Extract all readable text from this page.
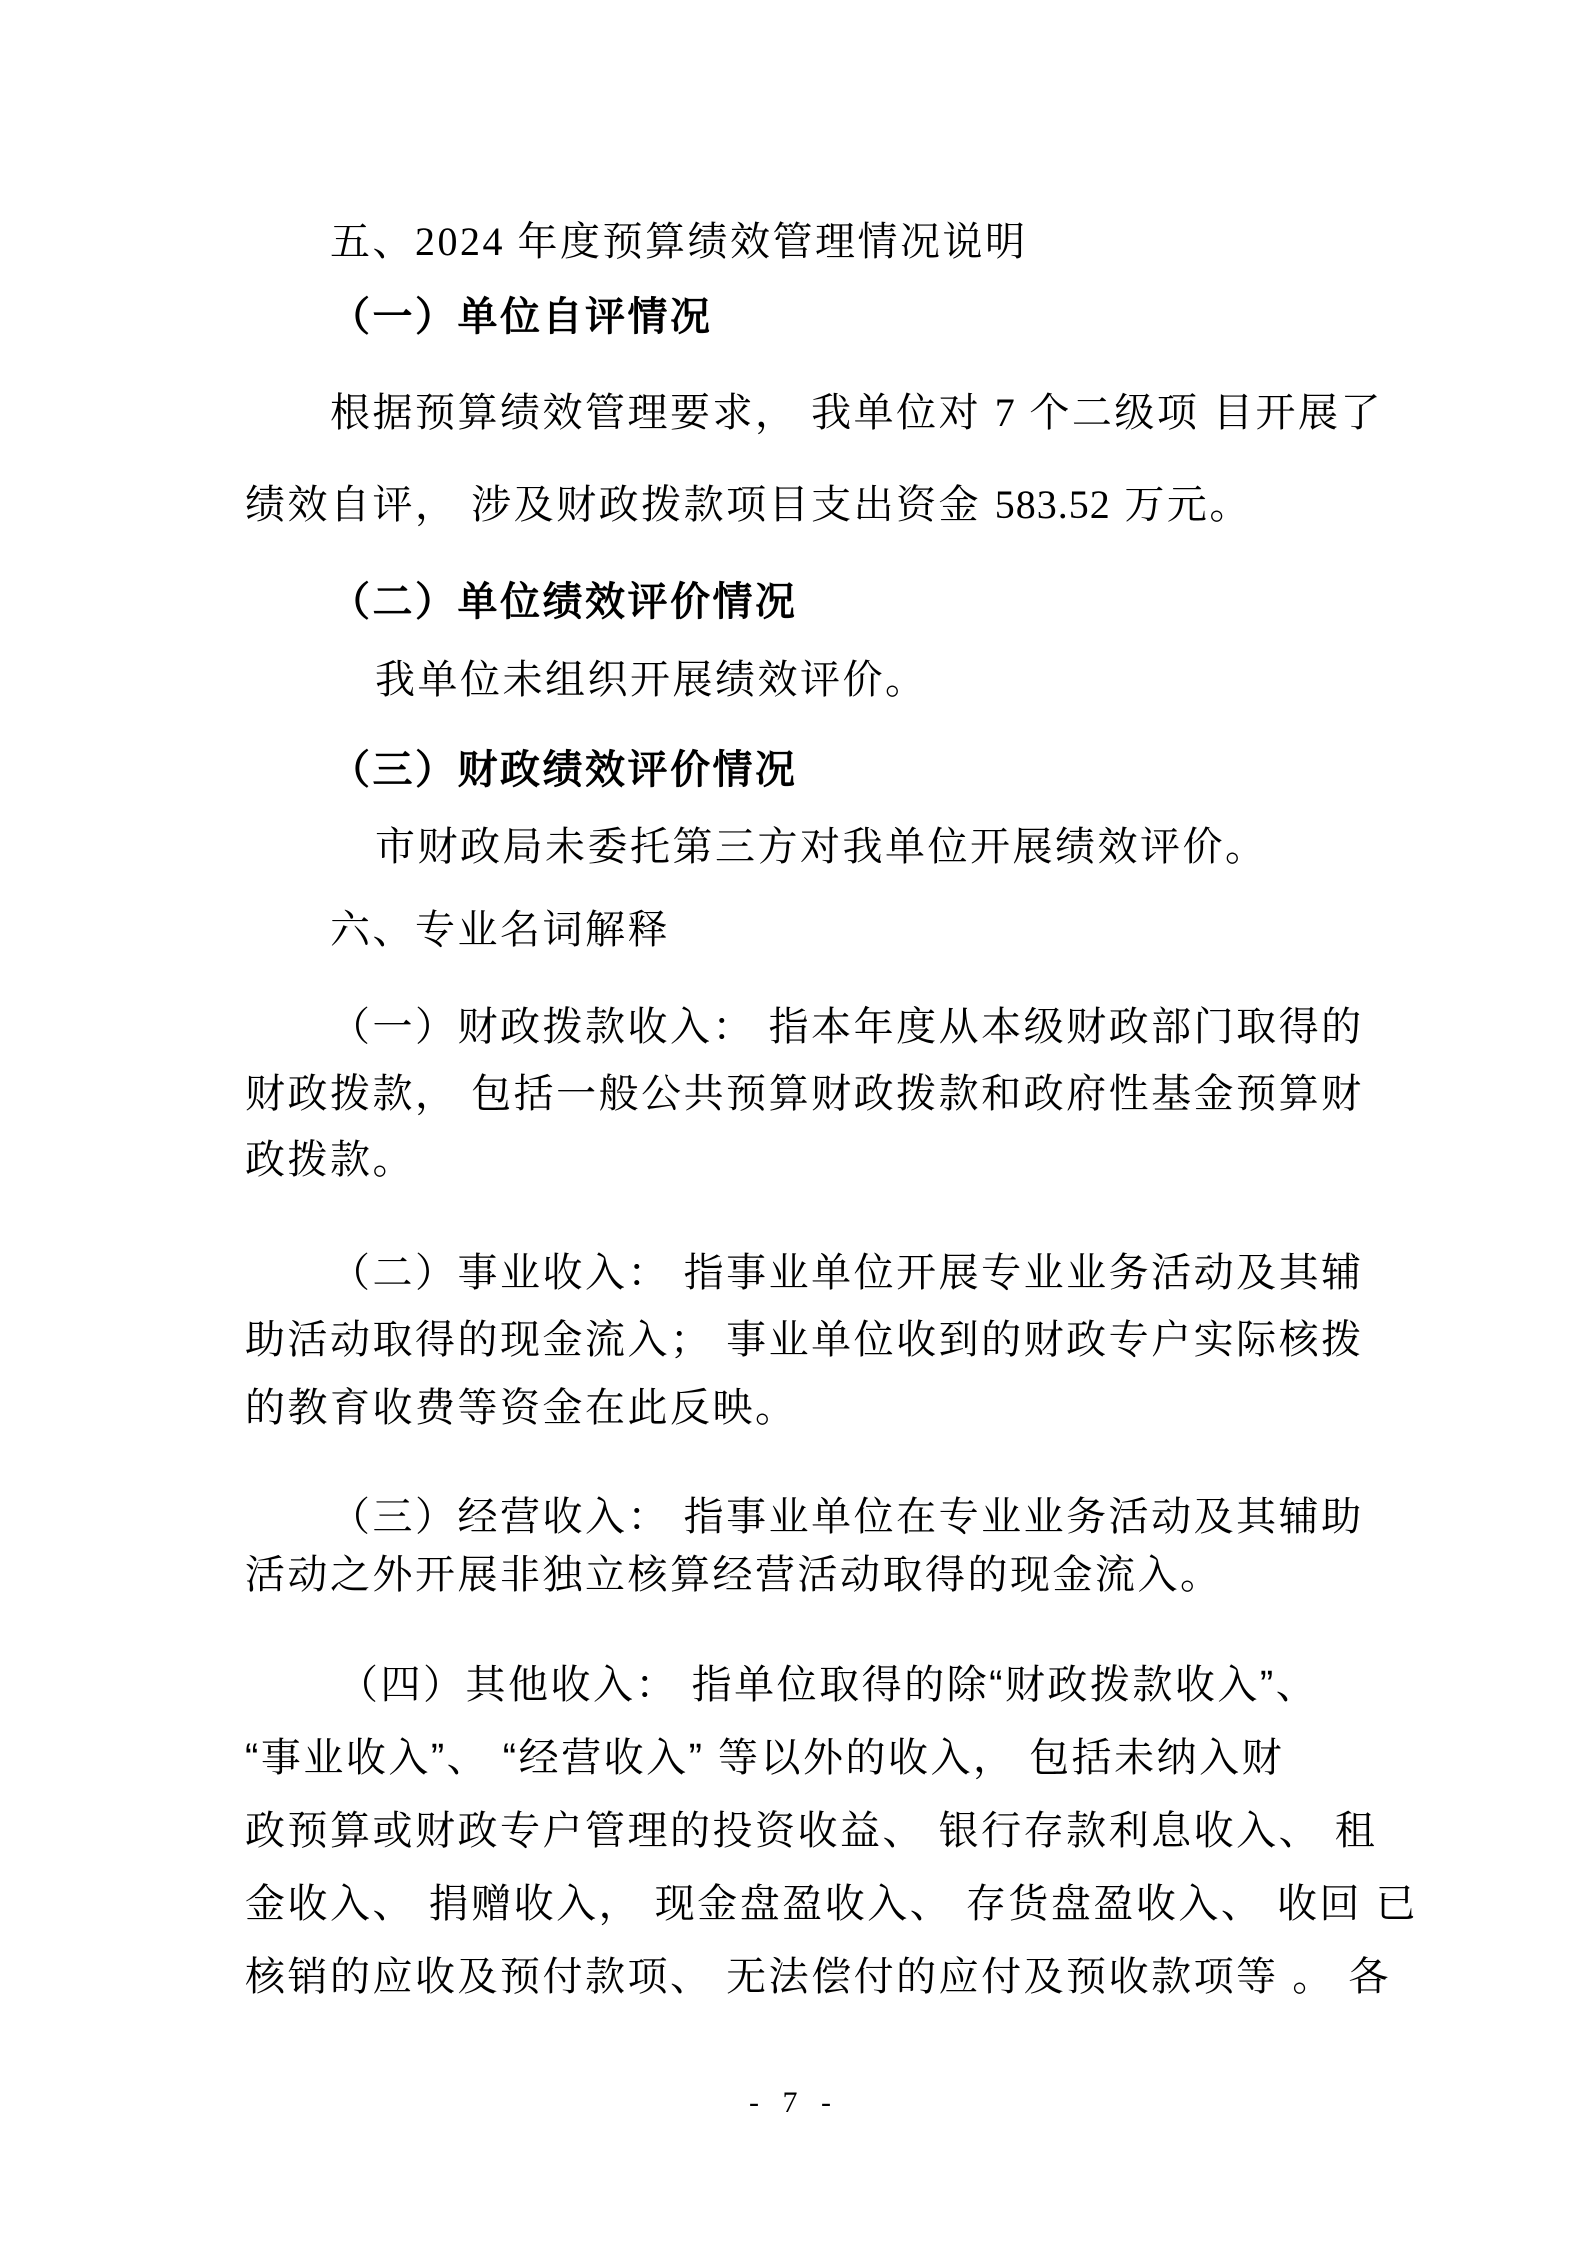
五、2024 年度预算绩效管理情况说明
（一）单位自评情况
根据预算绩效管理要求， 我单位对 7 个二级项 目开展了
绩效自评， 涉及财政拨款项目支出资金 583.52 万元。
（二）单位绩效评价情况
我单位未组织开展绩效评价。
（三）财政绩效评价情况
市财政局未委托第三方对我单位开展绩效评价。
六、专业名词解释
（一）财政拨款收入： 指本年度从本级财政部门取得的
财政拨款， 包括一般公共预算财政拨款和政府性基金预算财
政拨款。
（二）事业收入： 指事业单位开展专业业务活动及其辅
助活动取得的现金流入； 事业单位收到的财政专户实际核拨
的教育收费等资金在此反映。
（三）经营收入： 指事业单位在专业业务活动及其辅助
活动之外开展非独立核算经营活动取得的现金流入。
（四）其他收入： 指单位取得的除“财政拨款收入”、
“事业收入”、 “经营收入” 等以外的收入， 包括未纳入财
政预算或财政专户管理的投资收益、 银行存款利息收入、 租
金收入、 捐赠收入， 现金盘盈收入、 存货盘盈收入、 收回 已
核销的应收及预付款项、 无法偿付的应付及预收款项等 。 各
- 7 -
